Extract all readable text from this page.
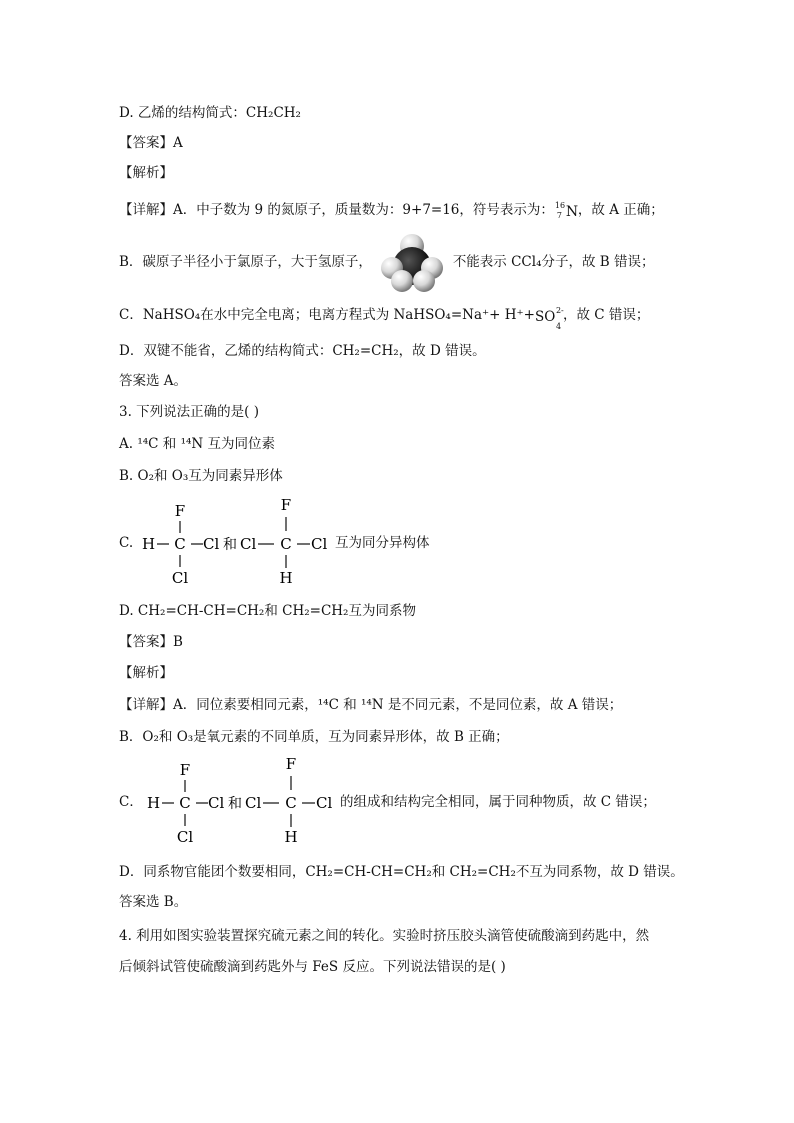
D. 乙烯的结构简式：CH₂CH₂
【答案】A
【解析】
【详解】A．中子数为 9 的氮原子，质量数为：9+7=16，符号表示为： 16
7 N ，故 A 正确；
B．碳原子半径小于氯原子，大于氢原子，	不能表示 CCl₄分子，故 B 错误；
C．NaHSO₄在水中完全电离；电离方程式为 NaHSO₄=Na⁺+ H⁺+ SO 2-
4
，故 C 错误；
D．双键不能省，乙烯的结构简式：CH₂=CH₂，故 D 错误。
答案选 A。
3. 下列说法正确的是( )
A. ¹⁴C 和 ¹⁴N 互为同位素
B. O₂和 O₃互为同素异形体
C.
F
H C Cl
Cl
和
F
Cl C Cl
H
互为同分异构体
D. CH₂=CH-CH=CH₂和 CH₂=CH₂互为同系物
【答案】B
【解析】
【详解】A．同位素要相同元素，¹⁴C 和 ¹⁴N 是不同元素，不是同位素，故 A 错误；
B．O₂和 O₃是氧元素的不同单质，互为同素异形体，故 B 正确；
C．
F
H C Cl
Cl
和
F
Cl C Cl
H
的组成和结构完全相同，属于同种物质，故 C 错误；
D．同系物官能团个数要相同，CH₂=CH-CH=CH₂和 CH₂=CH₂不互为同系物，故 D 错误。
答案选 B。
4. 利用如图实验装置探究硫元素之间的转化。实验时挤压胶头滴管使硫酸滴到药匙中，然
后倾斜试管使硫酸滴到药匙外与 FeS 反应。下列说法错误的是( )
